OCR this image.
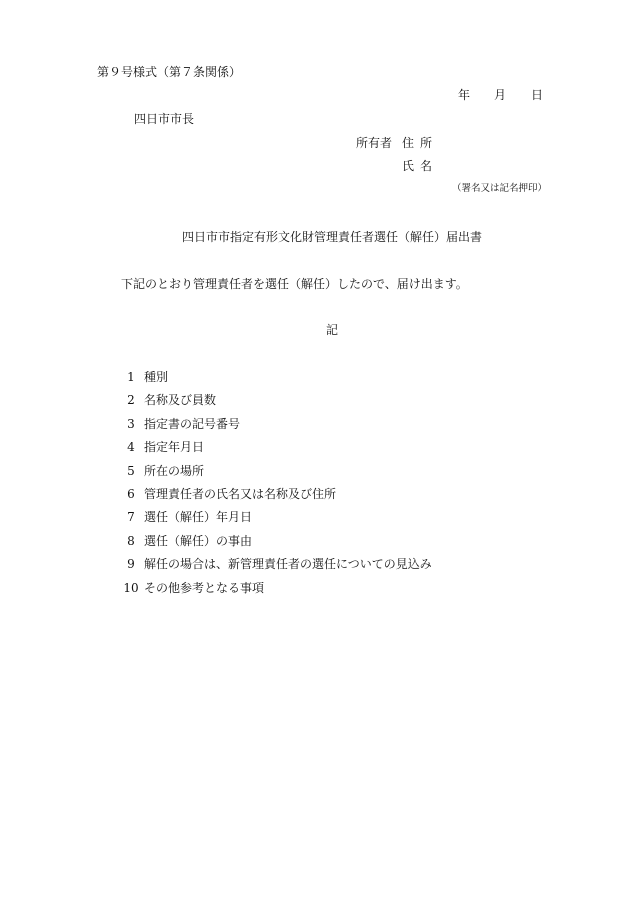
第９号様式（第７条関係）
年 月 日
四日市市長
所有者 住所
氏名
（署名又は記名押印）
四日市市指定有形文化財管理責任者選任（解任）届出書
下記のとおり管理責任者を選任（解任）したので、届け出ます。
記
1 種別
2 名称及び員数
3 指定書の記号番号
4 指定年月日
5 所在の場所
6 管理責任者の氏名又は名称及び住所
7 選任（解任）年月日
8 選任（解任）の事由
9 解任の場合は、新管理責任者の選任についての見込み
10 その他参考となる事項
